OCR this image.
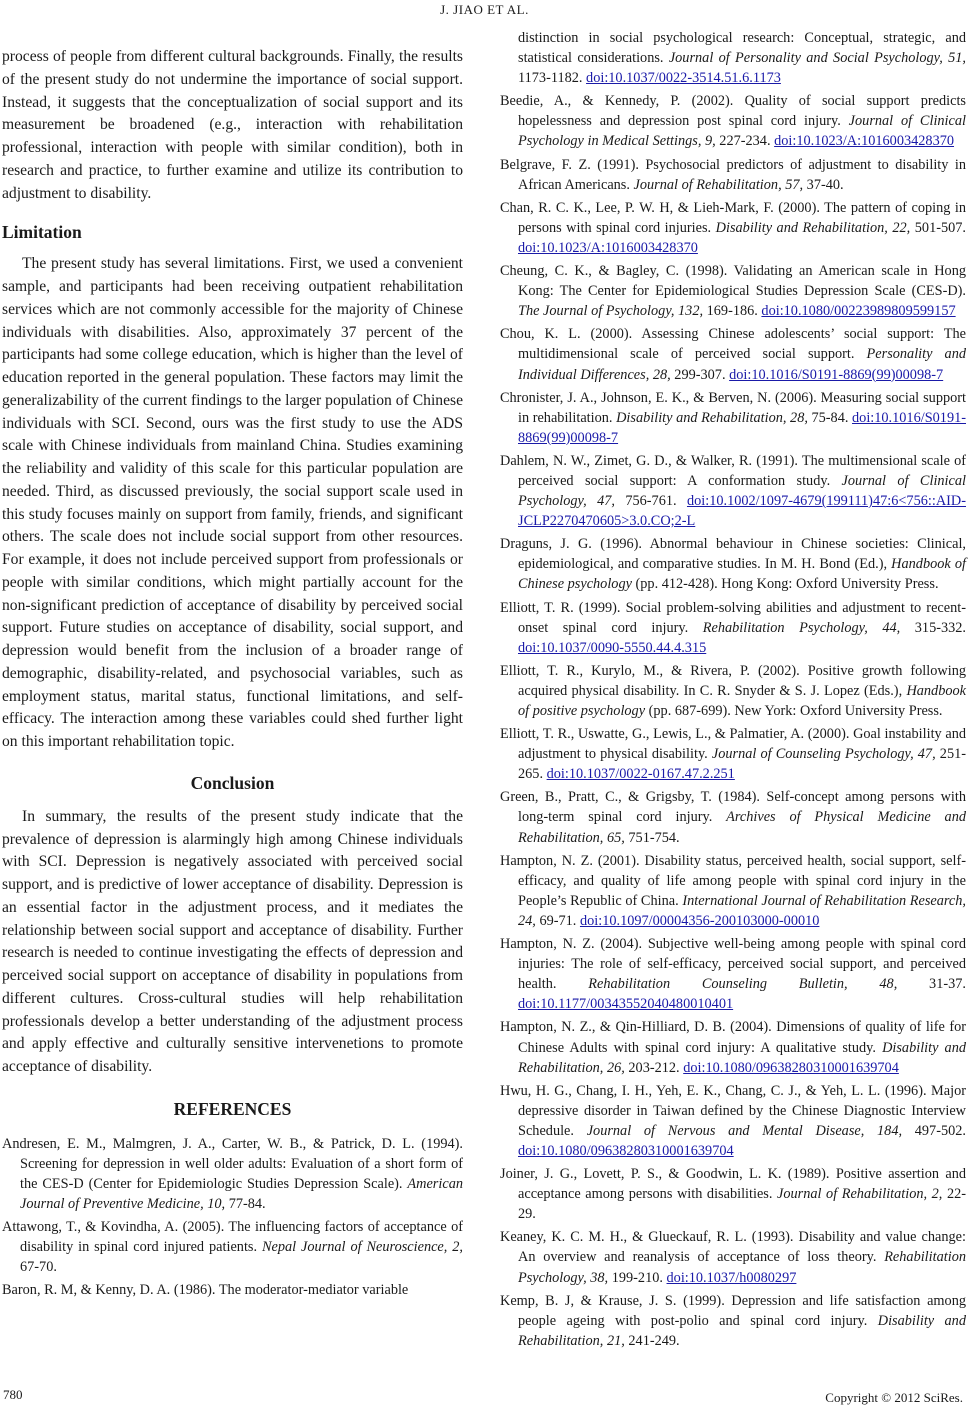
J. JIAO ET AL.

process of people from different cultural backgrounds. Finally, the results of the present study do not undermine the importance of social support. Instead, it suggests that the conceptualization of social support and its measurement be broadened (e.g., interaction with rehabilitation professional, interaction with people with similar condition), both in research and practice, to further examine and utilize its contribution to adjustment to disability.

Limitation

The present study has several limitations. First, we used a convenient sample, and participants had been receiving outpatient rehabilitation services which are not commonly accessible for the majority of Chinese individuals with disabilities. Also, approximately 37 percent of the participants had some college education, which is higher than the level of education reported in the general population. These factors may limit the generalizability of the current findings to the larger population of Chinese individuals with SCI. Second, ours was the first study to use the ADS scale with Chinese individuals from mainland China. Studies examining the reliability and validity of this scale for this particular population are needed. Third, as discussed previously, the social support scale used in this study focuses mainly on support from family, friends, and significant others. The scale does not include social support from other resources. For example, it does not include perceived support from professionals or people with similar conditions, which might partially account for the non-significant prediction of acceptance of disability by perceived social support. Future studies on acceptance of disability, social support, and depression would benefit from the inclusion of a broader range of demographic, disability-related, and psychosocial variables, such as employment status, marital status, functional limitations, and self-efficacy. The interaction among these variables could shed further light on this important rehabilitation topic.

Conclusion

In summary, the results of the present study indicate that the prevalence of depression is alarmingly high among Chinese individuals with SCI. Depression is negatively associated with perceived social support, and is predictive of lower acceptance of disability. Depression is an essential factor in the adjustment process, and it mediates the relationship between social support and acceptance of disability. Further research is needed to continue investigating the effects of depression and perceived social support on acceptance of disability in populations from different cultures. Cross-cultural studies will help rehabilitation professionals develop a better understanding of the adjustment process and apply effective and culturally sensitive intervenetions to promote acceptance of disability.

REFERENCES

Andresen, E. M., Malmgren, J. A., Carter, W. B., & Patrick, D. L. (1994). Screening for depression in well older adults: Evaluation of a short form of the CES-D (Center for Epidemiologic Studies Depression Scale). American Journal of Preventive Medicine, 10, 77-84.

Attawong, T., & Kovindha, A. (2005). The influencing factors of acceptance of disability in spinal cord injured patients. Nepal Journal of Neuroscience, 2, 67-70.

Baron, R. M, & Kenny, D. A. (1986). The moderator-mediator variable

distinction in social psychological research: Conceptual, strategic, and statistical considerations. Journal of Personality and Social Psychology, 51, 1173-1182. doi:10.1037/0022-3514.51.6.1173

Beedie, A., & Kennedy, P. (2002). Quality of social support predicts hopelessness and depression post spinal cord injury. Journal of Clinical Psychology in Medical Settings, 9, 227-234. doi:10.1023/A:1016003428370

Belgrave, F. Z. (1991). Psychosocial predictors of adjustment to disability in African Americans. Journal of Rehabilitation, 57, 37-40.

Chan, R. C. K., Lee, P. W. H, & Lieh-Mark, F. (2000). The pattern of coping in persons with spinal cord injuries. Disability and Rehabilitation, 22, 501-507. doi:10.1023/A:1016003428370

Cheung, C. K., & Bagley, C. (1998). Validating an American scale in Hong Kong: The Center for Epidemiological Studies Depression Scale (CES-D). The Journal of Psychology, 132, 169-186. doi:10.1080/00223989809599157

Chou, K. L. (2000). Assessing Chinese adolescents’ social support: The multidimensional scale of perceived social support. Personality and Individual Differences, 28, 299-307. doi:10.1016/S0191-8869(99)00098-7

Chronister, J. A., Johnson, E. K., & Berven, N. (2006). Measuring social support in rehabilitation. Disability and Rehabilitation, 28, 75-84. doi:10.1016/S0191-8869(99)00098-7

Dahlem, N. W., Zimet, G. D., & Walker, R. (1991). The multimensional scale of perceived social support: A conformation study. Journal of Clinical Psychology, 47, 756-761. doi:10.1002/1097-4679(199111)47:6<756::AID-JCLP2270470605>3.0.CO;2-L

Draguns, J. G. (1996). Abnormal behaviour in Chinese societies: Clinical, epidemiological, and comparative studies. In M. H. Bond (Ed.), Handbook of Chinese psychology (pp. 412-428). Hong Kong: Oxford University Press.

Elliott, T. R. (1999). Social problem-solving abilities and adjustment to recent-onset spinal cord injury. Rehabilitation Psychology, 44, 315-332. doi:10.1037/0090-5550.44.4.315

Elliott, T. R., Kurylo, M., & Rivera, P. (2002). Positive growth following acquired physical disability. In C. R. Snyder & S. J. Lopez (Eds.), Handbook of positive psychology (pp. 687-699). New York: Oxford University Press.

Elliott, T. R., Uswatte, G., Lewis, L., & Palmatier, A. (2000). Goal instability and adjustment to physical disability. Journal of Counseling Psychology, 47, 251-265. doi:10.1037/0022-0167.47.2.251

Green, B., Pratt, C., & Grigsby, T. (1984). Self-concept among persons with long-term spinal cord injury. Archives of Physical Medicine and Rehabilitation, 65, 751-754.

Hampton, N. Z. (2001). Disability status, perceived health, social support, self-efficacy, and quality of life among people with spinal cord injury in the People’s Republic of China. International Journal of Rehabilitation Research, 24, 69-71. doi:10.1097/00004356-200103000-00010

Hampton, N. Z. (2004). Subjective well-being among people with spinal cord injuries: The role of self-efficacy, perceived social support, and perceived health. Rehabilitation Counseling Bulletin, 48, 31-37. doi:10.1177/00343552040480010401

Hampton, N. Z., & Qin-Hilliard, D. B. (2004). Dimensions of quality of life for Chinese Adults with spinal cord injury: A qualitative study. Disability and Rehabilitation, 26, 203-212. doi:10.1080/09638280310001639704

Hwu, H. G., Chang, I. H., Yeh, E. K., Chang, C. J., & Yeh, L. L. (1996). Major depressive disorder in Taiwan defined by the Chinese Diagnostic Interview Schedule. Journal of Nervous and Mental Disease, 184, 497-502. doi:10.1080/09638280310001639704

Joiner, J. G., Lovett, P. S., & Goodwin, L. K. (1989). Positive assertion and acceptance among persons with disabilities. Journal of Rehabilitation, 2, 22-29.

Keaney, K. C. M. H., & Glueckauf, R. L. (1993). Disability and value change: An overview and reanalysis of acceptance of loss theory. Rehabilitation Psychology, 38, 199-210. doi:10.1037/h0080297

Kemp, B. J, & Krause, J. S. (1999). Depression and life satisfaction among people ageing with post-polio and spinal cord injury. Disability and Rehabilitation, 21, 241-249.

780	Copyright © 2012 SciRes.
